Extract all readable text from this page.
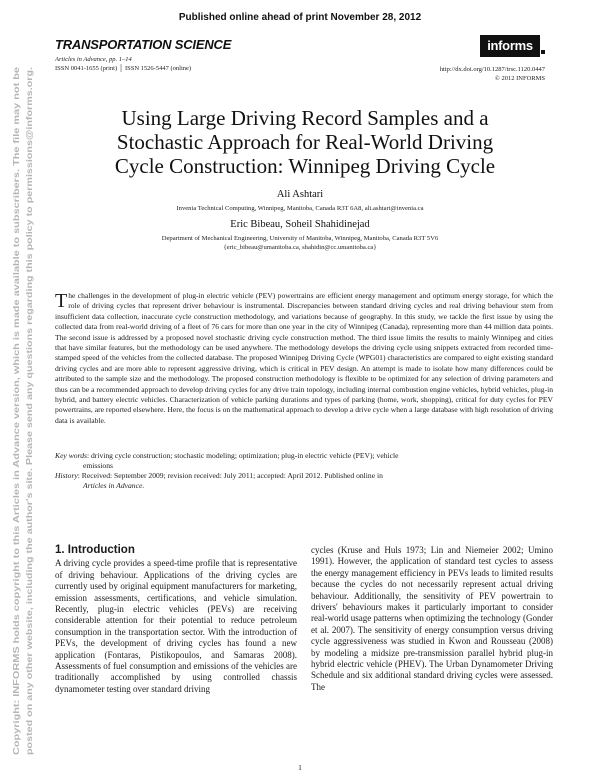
Published online ahead of print November 28, 2012
TRANSPORTATION SCIENCE
Articles in Advance, pp. 1–14
ISSN 0041-1655 (print) │ ISSN 1526-5447 (online)
informs
http://dx.doi.org/10.1287/trsc.1120.0447
© 2012 INFORMS
Copyright: INFORMS holds copyright to this Articles in Advance version, which is made available to subscribers. The file may not be posted on any other website, including the author's site. Please send any questions regarding this policy to permissions@informs.org.
Using Large Driving Record Samples and a
Stochastic Approach for Real-World Driving
Cycle Construction: Winnipeg Driving Cycle
Ali Ashtari
Invenia Technical Computing, Winnipeg, Manitoba, Canada R3T 6A8, ali.ashtari@invenia.ca
Eric Bibeau, Soheil Shahidinejad
Department of Mechanical Engineering, University of Manitoba, Winnipeg, Manitoba, Canada R3T 5V6
{eric_bibeau@umanitoba.ca, shahidin@cc.umanitoba.ca}
The challenges in the development of plug-in electric vehicle (PEV) powertrains are efficient energy management and optimum energy storage, for which the role of driving cycles that represent driver behaviour is instrumental. Discrepancies between standard driving cycles and real driving behaviour stem from insufficient data collection, inaccurate cycle construction methodology, and variations because of geography. In this study, we tackle the first issue by using the collected data from real-world driving of a fleet of 76 cars for more than one year in the city of Winnipeg (Canada), representing more than 44 million data points. The second issue is addressed by a proposed novel stochastic driving cycle construction method. The third issue limits the results to mainly Winnipeg and cities that have similar features, but the methodology can be used anywhere. The methodology develops the driving cycle using snippets extracted from recorded time-stamped speed of the vehicles from the collected database. The proposed Winnipeg Driving Cycle (WPG01) characteristics are compared to eight existing standard driving cycles and are more able to represent aggressive driving, which is critical in PEV design. An attempt is made to isolate how many differences could be attributed to the sample size and the methodology. The proposed construction methodology is flexible to be optimized for any selection of driving parameters and thus can be a recommended approach to develop driving cycles for any drive train topology, including internal combustion engine vehicles, hybrid vehicles, plug-in hybrid, and battery electric vehicles. Characterization of vehicle parking durations and types of parking (home, work, shopping), critical for duty cycles for PEV powertrains, are reported elsewhere. Here, the focus is on the mathematical approach to develop a drive cycle when a large database with high resolution of driving data is available.
Key words: driving cycle construction; stochastic modeling; optimization; plug-in electric vehicle (PEV); vehicle
emissions
History: Received: September 2009; revision received: July 2011; accepted: April 2012. Published online in
Articles in Advance.
1. Introduction

A driving cycle provides a speed-time profile that is representative of driving behaviour. Applications of the driving cycles are currently used by original equipment manufacturers for marketing, emission assessments, certifications, and vehicle simulation. Recently, plug-in electric vehicles (PEVs) are receiving considerable attention for their potential to reduce petroleum consumption in the transportation sector. With the introduction of PEVs, the development of driving cycles has found a new application (Fontaras, Pistikopoulos, and Samaras 2008). Assessments of fuel consumption and emissions of the vehicles are traditionally accomplished by using controlled chassis dynamometer testing over standard driving

cycles (Kruse and Huls 1973; Lin and Niemeier 2002; Umino 1991). However, the application of standard test cycles to assess the energy management efficiency in PEVs leads to limited results because the cycles do not necessarily represent actual driving behaviour. Additionally, the sensitivity of PEV powertrain to drivers' behaviours makes it particularly important to consider real-world usage patterns when optimizing the technology (Gonder et al. 2007). The sensitivity of energy consumption versus driving cycle aggressiveness was studied in Kwon and Rousseau (2008) by modeling a midsize pre-transmission parallel hybrid plug-in hybrid electric vehicle (PHEV). The Urban Dynamometer Driving Schedule and six additional standard driving cycles were assessed. The

1
